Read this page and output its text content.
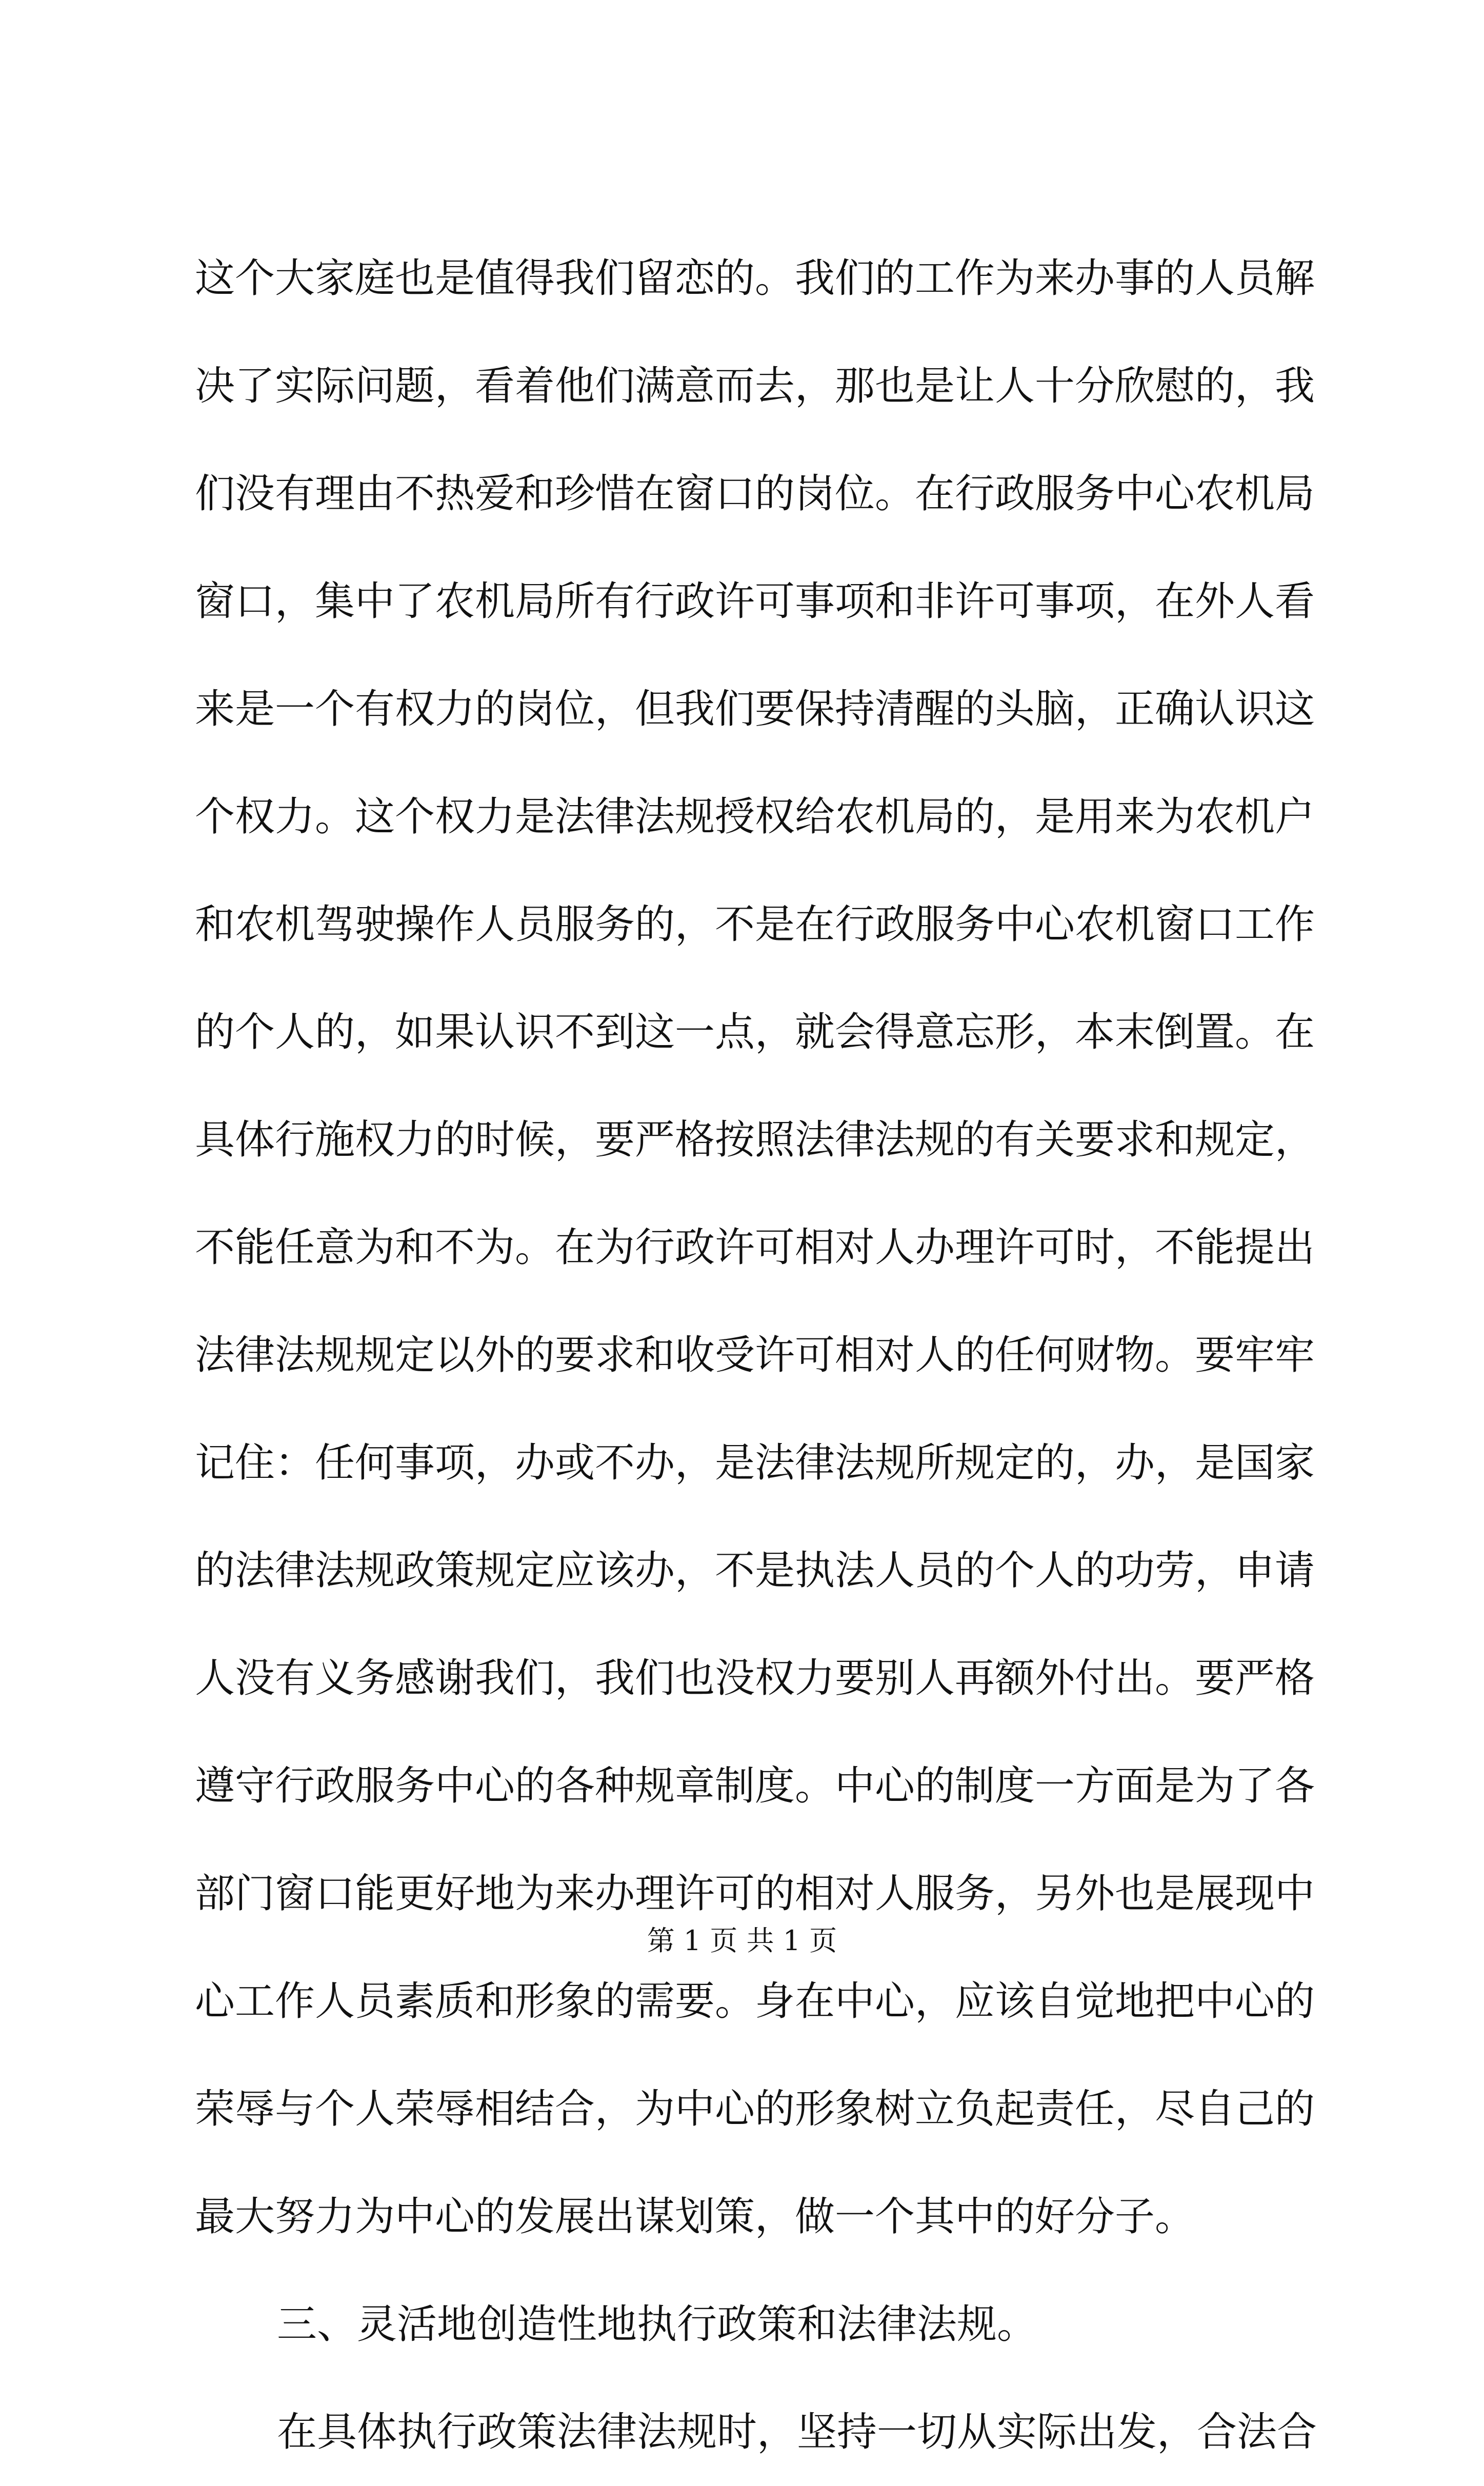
这个大家庭也是值得我们留恋的。我们的工作为来办事的人员解
决了实际问题，看着他们满意而去，那也是让人十分欣慰的，我
们没有理由不热爱和珍惜在窗口的岗位。在行政服务中心农机局
窗口，集中了农机局所有行政许可事项和非许可事项，在外人看
来是一个有权力的岗位，但我们要保持清醒的头脑，正确认识这
个权力。这个权力是法律法规授权给农机局的，是用来为农机户
和农机驾驶操作人员服务的，不是在行政服务中心农机窗口工作
的个人的，如果认识不到这一点，就会得意忘形，本末倒置。在
具体行施权力的时候，要严格按照法律法规的有关要求和规定，
不能任意为和不为。在为行政许可相对人办理许可时，不能提出
法律法规规定以外的要求和收受许可相对人的任何财物。要牢牢
记住：任何事项，办或不办，是法律法规所规定的，办，是国家
的法律法规政策规定应该办，不是执法人员的个人的功劳，申请
人没有义务感谢我们，我们也没权力要别人再额外付出。要严格
遵守行政服务中心的各种规章制度。中心的制度一方面是为了各
部门窗口能更好地为来办理许可的相对人服务，另外也是展现中
心工作人员素质和形象的需要。身在中心，应该自觉地把中心的
荣辱与个人荣辱相结合，为中心的形象树立负起责任，尽自己的
最大努力为中心的发展出谋划策，做一个其中的好分子。
三、灵活地创造性地执行政策和法律法规。
在具体执行政策法律法规时，坚持一切从实际出发，合法合
第 1 页 共 1 页
